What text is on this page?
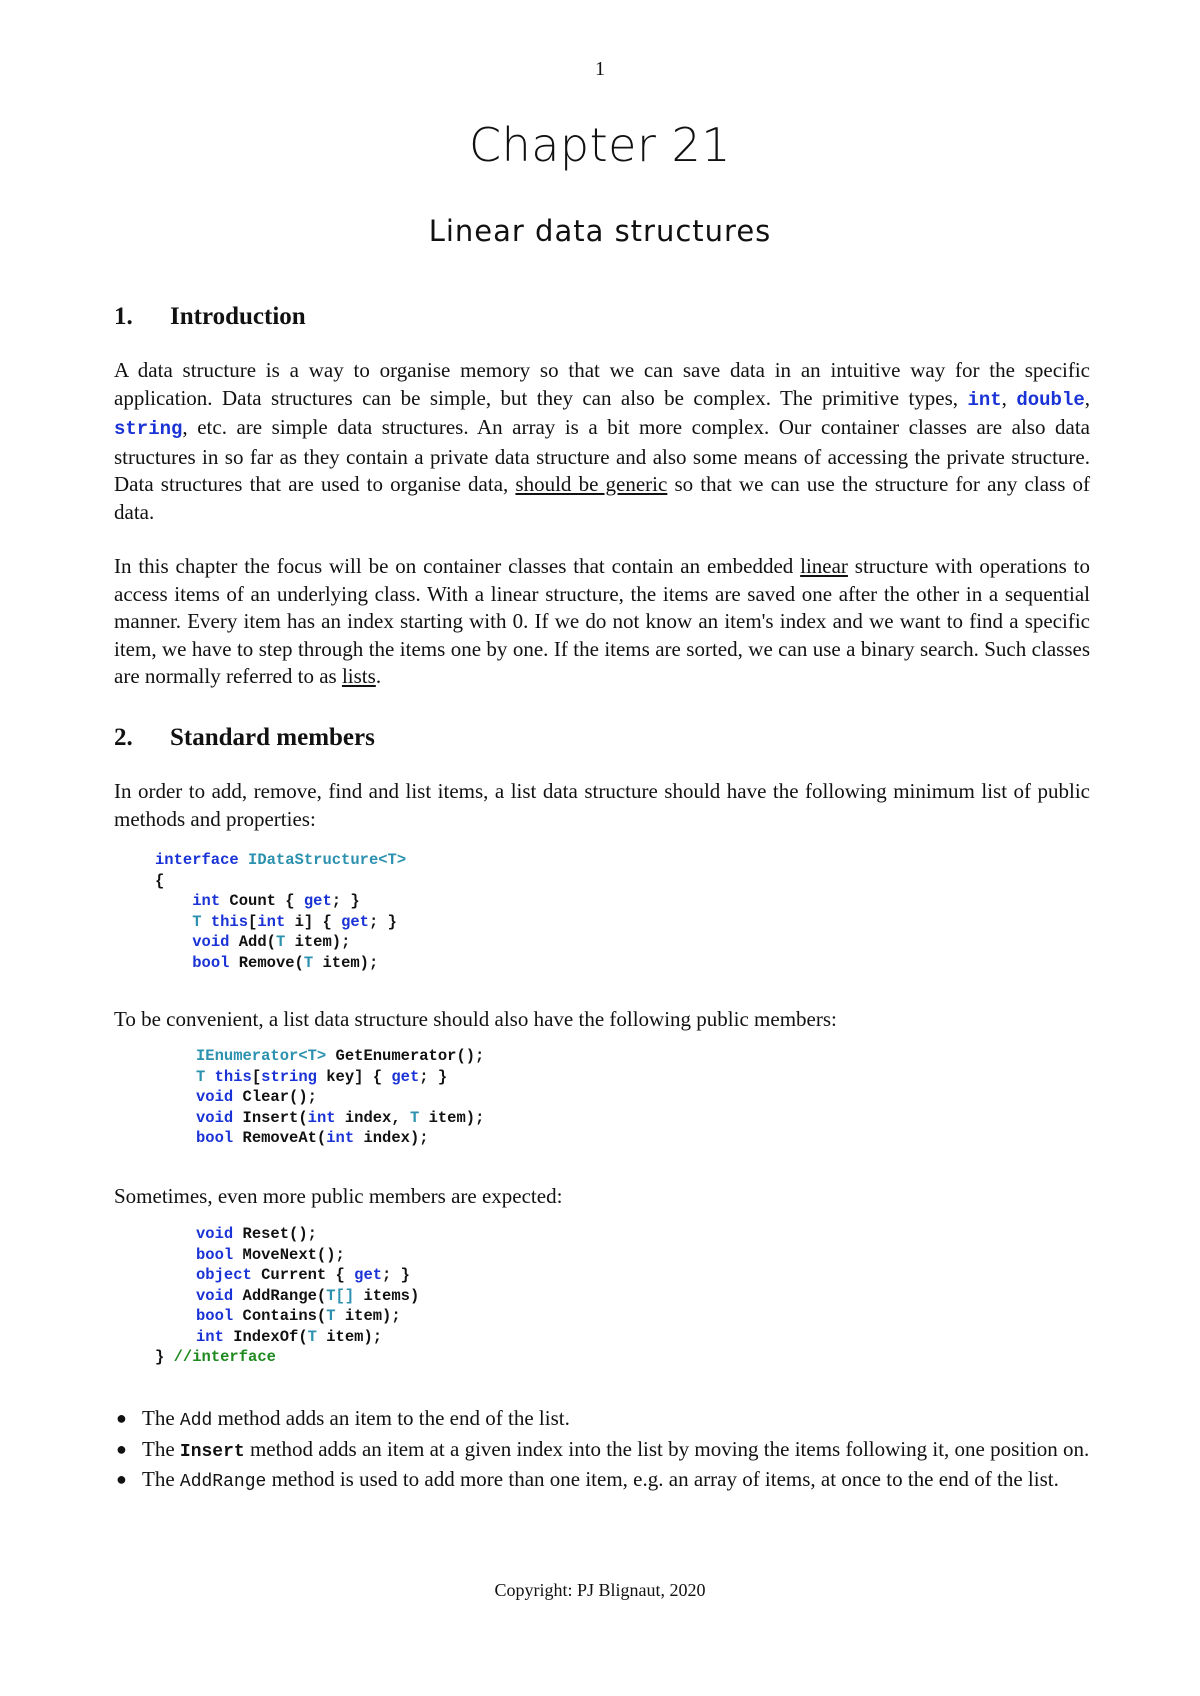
1
Chapter 21
Linear data structures
1. Introduction
A data structure is a way to organise memory so that we can save data in an intuitive way for the specific application. Data structures can be simple, but they can also be complex. The primitive types, int, double, string, etc. are simple data structures. An array is a bit more complex. Our container classes are also data structures in so far as they contain a private data structure and also some means of accessing the private structure. Data structures that are used to organise data, should be generic so that we can use the structure for any class of data.
In this chapter the focus will be on container classes that contain an embedded linear structure with operations to access items of an underlying class. With a linear structure, the items are saved one after the other in a sequential manner. Every item has an index starting with 0. If we do not know an item's index and we want to find a specific item, we have to step through the items one by one. If the items are sorted, we can use a binary search. Such classes are normally referred to as lists.
2. Standard members
In order to add, remove, find and list items, a list data structure should have the following minimum list of public methods and properties:
interface IDataStructure<T>
{
int Count { get; }
T this[int i] { get; }
void Add(T item);
bool Remove(T item);
To be convenient, a list data structure should also have the following public members:
IEnumerator<T> GetEnumerator();
T this[string key] { get; }
void Clear();
void Insert(int index, T item);
bool RemoveAt(int index);
Sometimes, even more public members are expected:
void Reset();
bool MoveNext();
object Current { get; }
void AddRange(T[] items)
bool Contains(T item);
int IndexOf(T item);
} //interface
● The Add method adds an item to the end of the list.
● The Insert method adds an item at a given index into the list by moving the items following it, one position on.
● The AddRange method is used to add more than one item, e.g. an array of items, at once to the end of the list.
Copyright: PJ Blignaut, 2020
